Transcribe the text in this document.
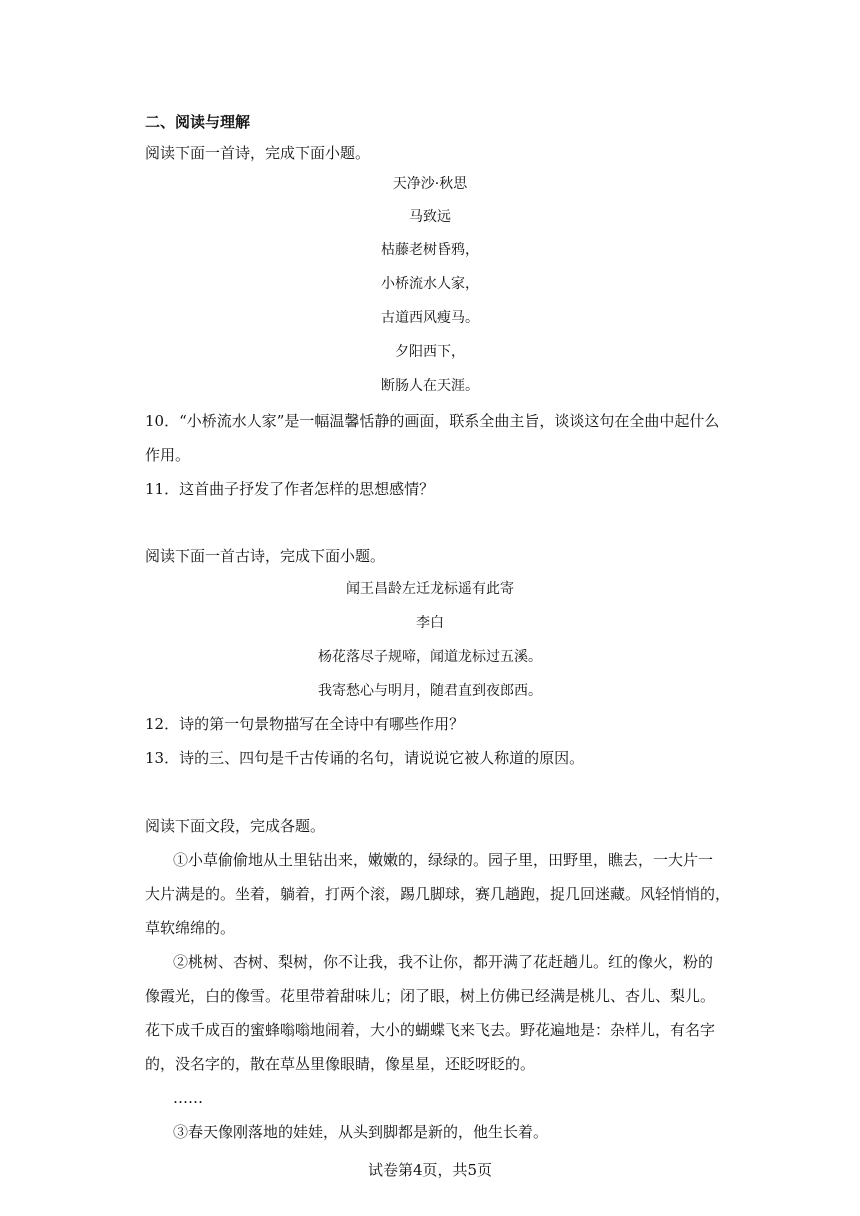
二、阅读与理解
阅读下面一首诗，完成下面小题。
天净沙·秋思
马致远
枯藤老树昏鸦，
小桥流水人家，
古道西风瘦马。
夕阳西下，
断肠人在天涯。
10．“小桥流水人家”是一幅温馨恬静的画面，联系全曲主旨，谈谈这句在全曲中起什么
作用。
11．这首曲子抒发了作者怎样的思想感情？
阅读下面一首古诗，完成下面小题。
闻王昌龄左迁龙标遥有此寄
李白
杨花落尽子规啼，闻道龙标过五溪。
我寄愁心与明月，随君直到夜郎西。
12．诗的第一句景物描写在全诗中有哪些作用？
13．诗的三、四句是千古传诵的名句，请说说它被人称道的原因。
阅读下面文段，完成各题。
①小草偷偷地从土里钻出来，嫩嫩的，绿绿的。园子里，田野里，瞧去，一大片一
大片满是的。坐着，躺着，打两个滚，踢几脚球，赛几趟跑，捉几回迷藏。风轻悄悄的，
草软绵绵的。
②桃树、杏树、梨树，你不让我，我不让你，都开满了花赶趟儿。红的像火，粉的
像霞光，白的像雪。花里带着甜味儿；闭了眼，树上仿佛已经满是桃儿、杏儿、梨儿。
花下成千成百的蜜蜂嗡嗡地闹着，大小的蝴蝶飞来飞去。野花遍地是：杂样儿，有名字
的，没名字的，散在草丛里像眼睛，像星星，还眨呀眨的。
……
③春天像刚落地的娃娃，从头到脚都是新的，他生长着。
试卷第4页，共5页
